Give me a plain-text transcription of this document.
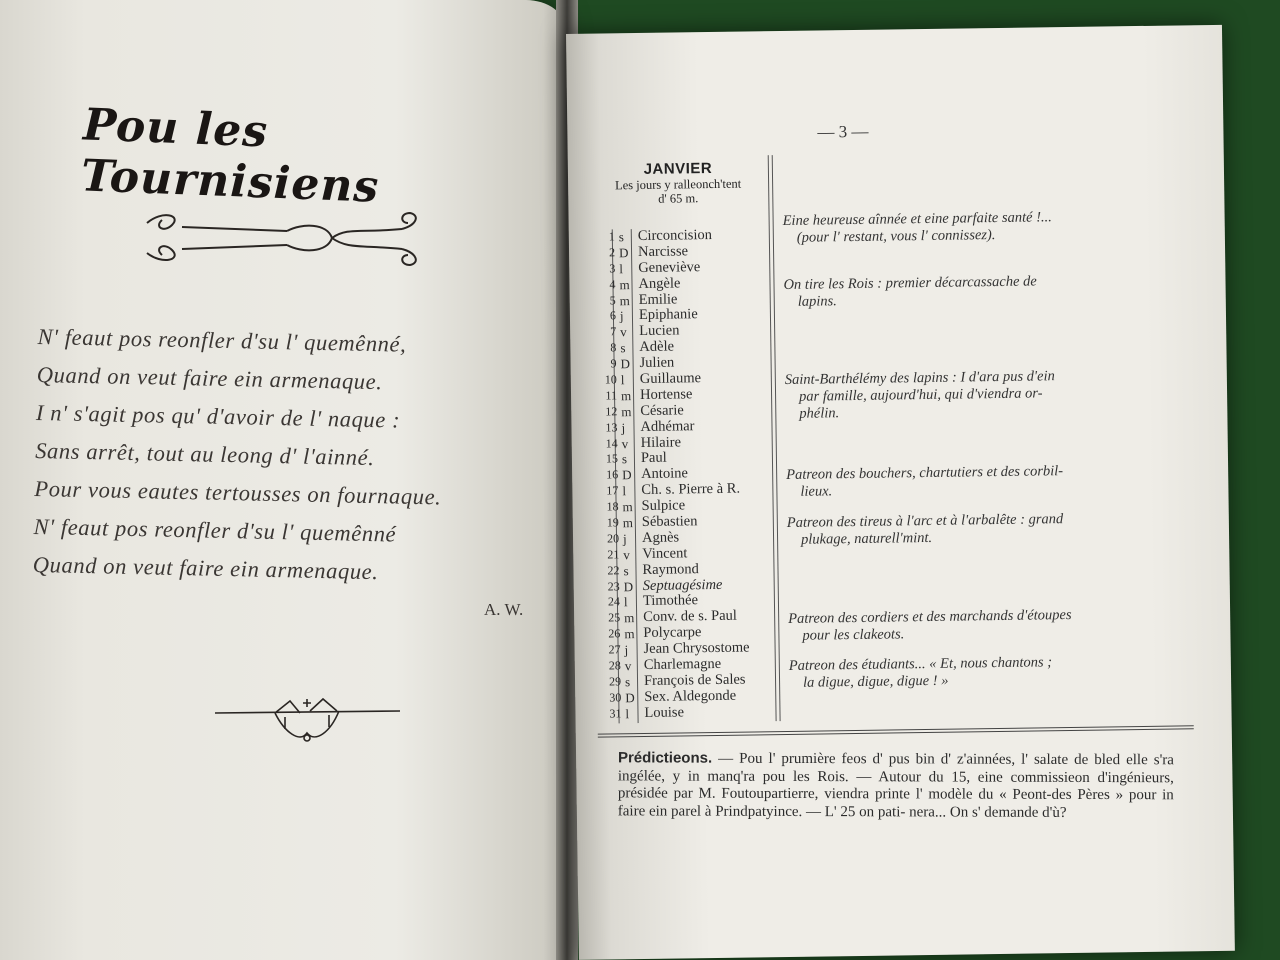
Pou les Tournisiens
N' feaut pos reonfler d'su l' quemênné,
Quand on veut faire ein armenaque.
I n' s'agit pos qu' d'avoir de l' naque :
Sans arrêt, tout au leong d' l'ainné.
Pour vous eautes tertousses on fournaque.
N' feaut pos reonfler d'su l' quemênné
Quand on veut faire ein armenaque.
A. W.
— 3 —
JANVIER
Les jours y ralleonch'tent
d' 65 m.
1 s Circoncision
2 D Narcisse
3 l Geneviève
4 m Angèle
5 m Emilie
6 j Epiphanie
7 v Lucien
8 s Adèle
9 D Julien
10 l Guillaume
11 m Hortense
12 m Césarie
13 j Adhémar
14 v Hilaire
15 s Paul
16 D Antoine
17 l Ch. s. Pierre à R.
18 m Sulpice
19 m Sébastien
20 j Agnès
21 v Vincent
22 s Raymond
23 D Septuagésime
24 l Timothée
25 m Conv. de s. Paul
26 m Polycarpe
27 j Jean Chrysostome
28 v Charlemagne
29 s François de Sales
30 D Sex. Aldegonde
31 l Louise
Eine heureuse aînnée et eine parfaite santé !...
(pour l' restant, vous l' connissez).
On tire les Rois : premier décarcassache de
lapins.
Saint-Barthélémy des lapins : I d'ara pus d'ein
par famille, aujourd'hui, qui d'viendra or-
phélin.
Patreon des bouchers, chartutiers et des corbil-
lieux.
Patreon des tireus à l'arc et à l'arbalête : grand
plukage, naturell'mint.
Patreon des cordiers et des marchands d'étoupes
pour les clakeots.
Patreon des étudiants... « Et, nous chantons ;
la digue, digue, digue ! »
Prédictieons. — Pou l' prumière feos d' pus bin d' z'ainnées, l' salate de bled elle s'ra ingélée, y in manq'ra pou les Rois. — Autour du 15, eine commissieon d'ingénieurs, présidée par M. Foutoupartierre, viendra printe l' modèle du « Peont-des Pères » pour in faire ein parel à Prindpatyince. — L' 25 on pati- nera... On s' demande d'ù?
